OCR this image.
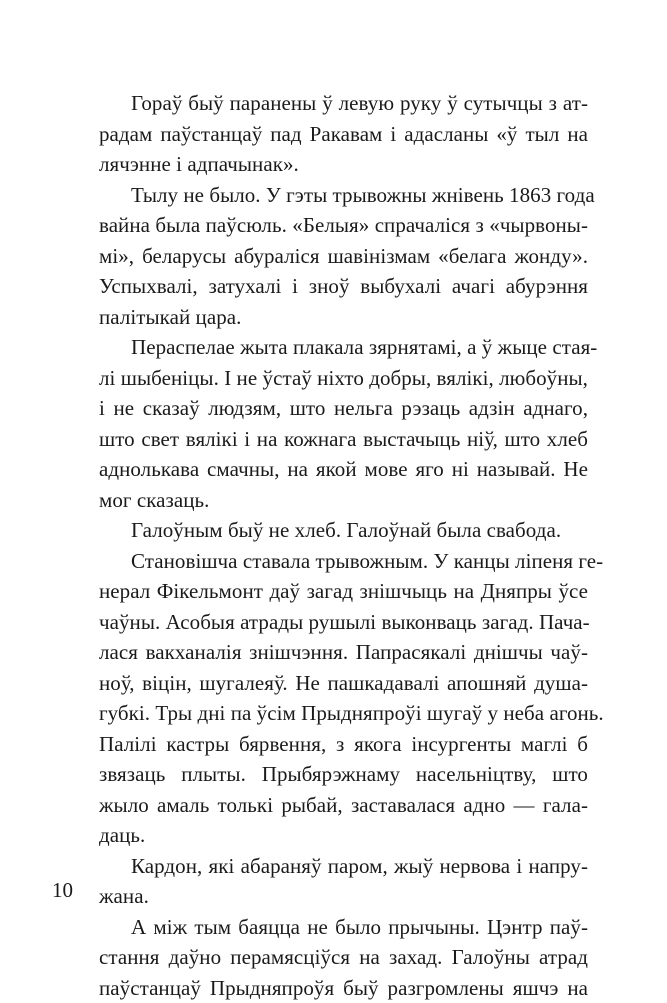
Гораў быў паранены ў левую руку ў сутычцы з ат-
радам паўстанцаў пад Ракавам і адасланы «ў тыл на
лячэнне і адпачынак».
Тылу не было. У гэты трывожны жнівень 1863 года
вайна была паўсюль. «Белыя» спрачаліся з «чырвоны-
мі», беларусы абураліся шавінізмам «белага жонду».
Успыхвалі, затухалі і зноў выбухалі ачагі абурэння
палітыкай цара.
Пераспелае жыта плакала зярнятамі, а ў жыце стая-
лі шыбеніцы. І не ўстаў ніхто добры, вялікі, любоўны,
і не сказаў людзям, што нельга рэзаць адзін аднаго,
што свет вялікі і на кожнага выстачыць ніў, што хлеб
аднолькава смачны, на якой мове яго ні называй. Не
мог сказаць.
Галоўным быў не хлеб. Галоўнай была свабода.
Становішча ставала трывожным. У канцы ліпеня ге-
нерал Фікельмонт даў загад знішчыць на Дняпры ўсе
чаўны. Асобыя атрады рушылі выконваць загад. Пача-
лася вакханалія знішчэння. Папрасякалі днішчы чаў-
ноў, віцін, шугалеяў. Не пашкадавалі апошняй душа-
губкі. Тры дні па ўсім Прыдняпроўі шугаў у неба агонь.
Палілі кастры бярвення, з якога інсургенты маглі б
звязаць плыты. Прыбярэжнаму насельніцтву, што
жыло амаль толькі рыбай, заставалася адно — гала-
даць.
Кардон, які абараняў паром, жыў нервова і напру-
жана.
А між тым баяцца не было прычыны. Цэнтр паў-
стання даўно перамясціўся на захад. Галоўны атрад
паўстанцаў Прыдняпроўя быў разгромлены яшчэ на
10
